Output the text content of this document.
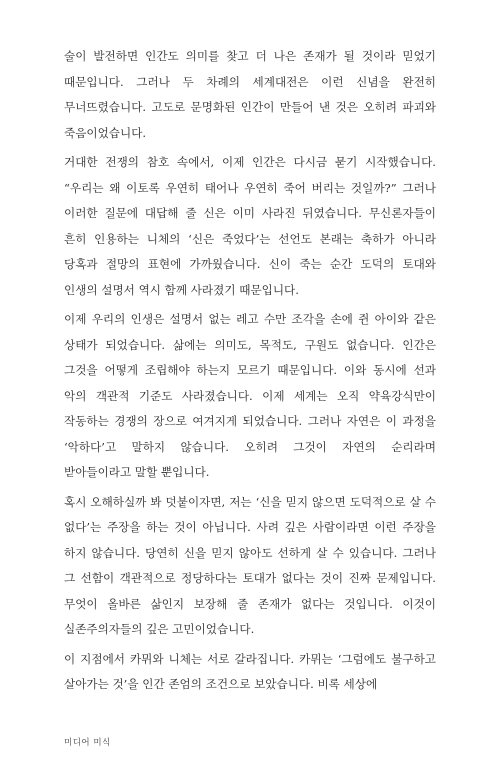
술이 발전하면 인간도 의미를 찾고 더 나은 존재가 될 것이라 믿었기 때문입니다. 그러나 두 차례의 세계대전은 이런 신념을 완전히 무너뜨렸습니다. 고도로 문명화된 인간이 만들어 낸 것은 오히려 파괴와 죽음이었습니다.

거대한 전쟁의 참호 속에서, 이제 인간은 다시금 묻기 시작했습니다. “우리는 왜 이토록 우연히 태어나 우연히 죽어 버리는 것일까?” 그러나 이러한 질문에 대답해 줄 신은 이미 사라진 뒤였습니다. 무신론자들이 흔히 인용하는 니체의 ‘신은 죽었다’는 선언도 본래는 축하가 아니라 당혹과 절망의 표현에 가까웠습니다. 신이 죽는 순간 도덕의 토대와 인생의 설명서 역시 함께 사라졌기 때문입니다.

이제 우리의 인생은 설명서 없는 레고 수만 조각을 손에 쥔 아이와 같은 상태가 되었습니다. 삶에는 의미도, 목적도, 구원도 없습니다. 인간은 그것을 어떻게 조립해야 하는지 모르기 때문입니다. 이와 동시에 선과 악의 객관적 기준도 사라졌습니다. 이제 세계는 오직 약육강식만이 작동하는 경쟁의 장으로 여겨지게 되었습니다. 그러나 자연은 이 과정을 ‘악하다’고 말하지 않습니다. 오히려 그것이 자연의 순리라며 받아들이라고 말할 뿐입니다.

혹시 오해하실까 봐 덧붙이자면, 저는 ‘신을 믿지 않으면 도덕적으로 살 수 없다’는 주장을 하는 것이 아닙니다. 사려 깊은 사람이라면 이런 주장을 하지 않습니다. 당연히 신을 믿지 않아도 선하게 살 수 있습니다. 그러나 그 선함이 객관적으로 정당하다는 토대가 없다는 것이 진짜 문제입니다. 무엇이 올바른 삶인지 보장해 줄 존재가 없다는 것입니다. 이것이 실존주의자들의 깊은 고민이었습니다.

이 지점에서 카뮈와 니체는 서로 갈라집니다. 카뮈는 ‘그럼에도 불구하고 살아가는 것’을 인간 존엄의 조건으로 보았습니다. 비록 세상에

미디어 미식
